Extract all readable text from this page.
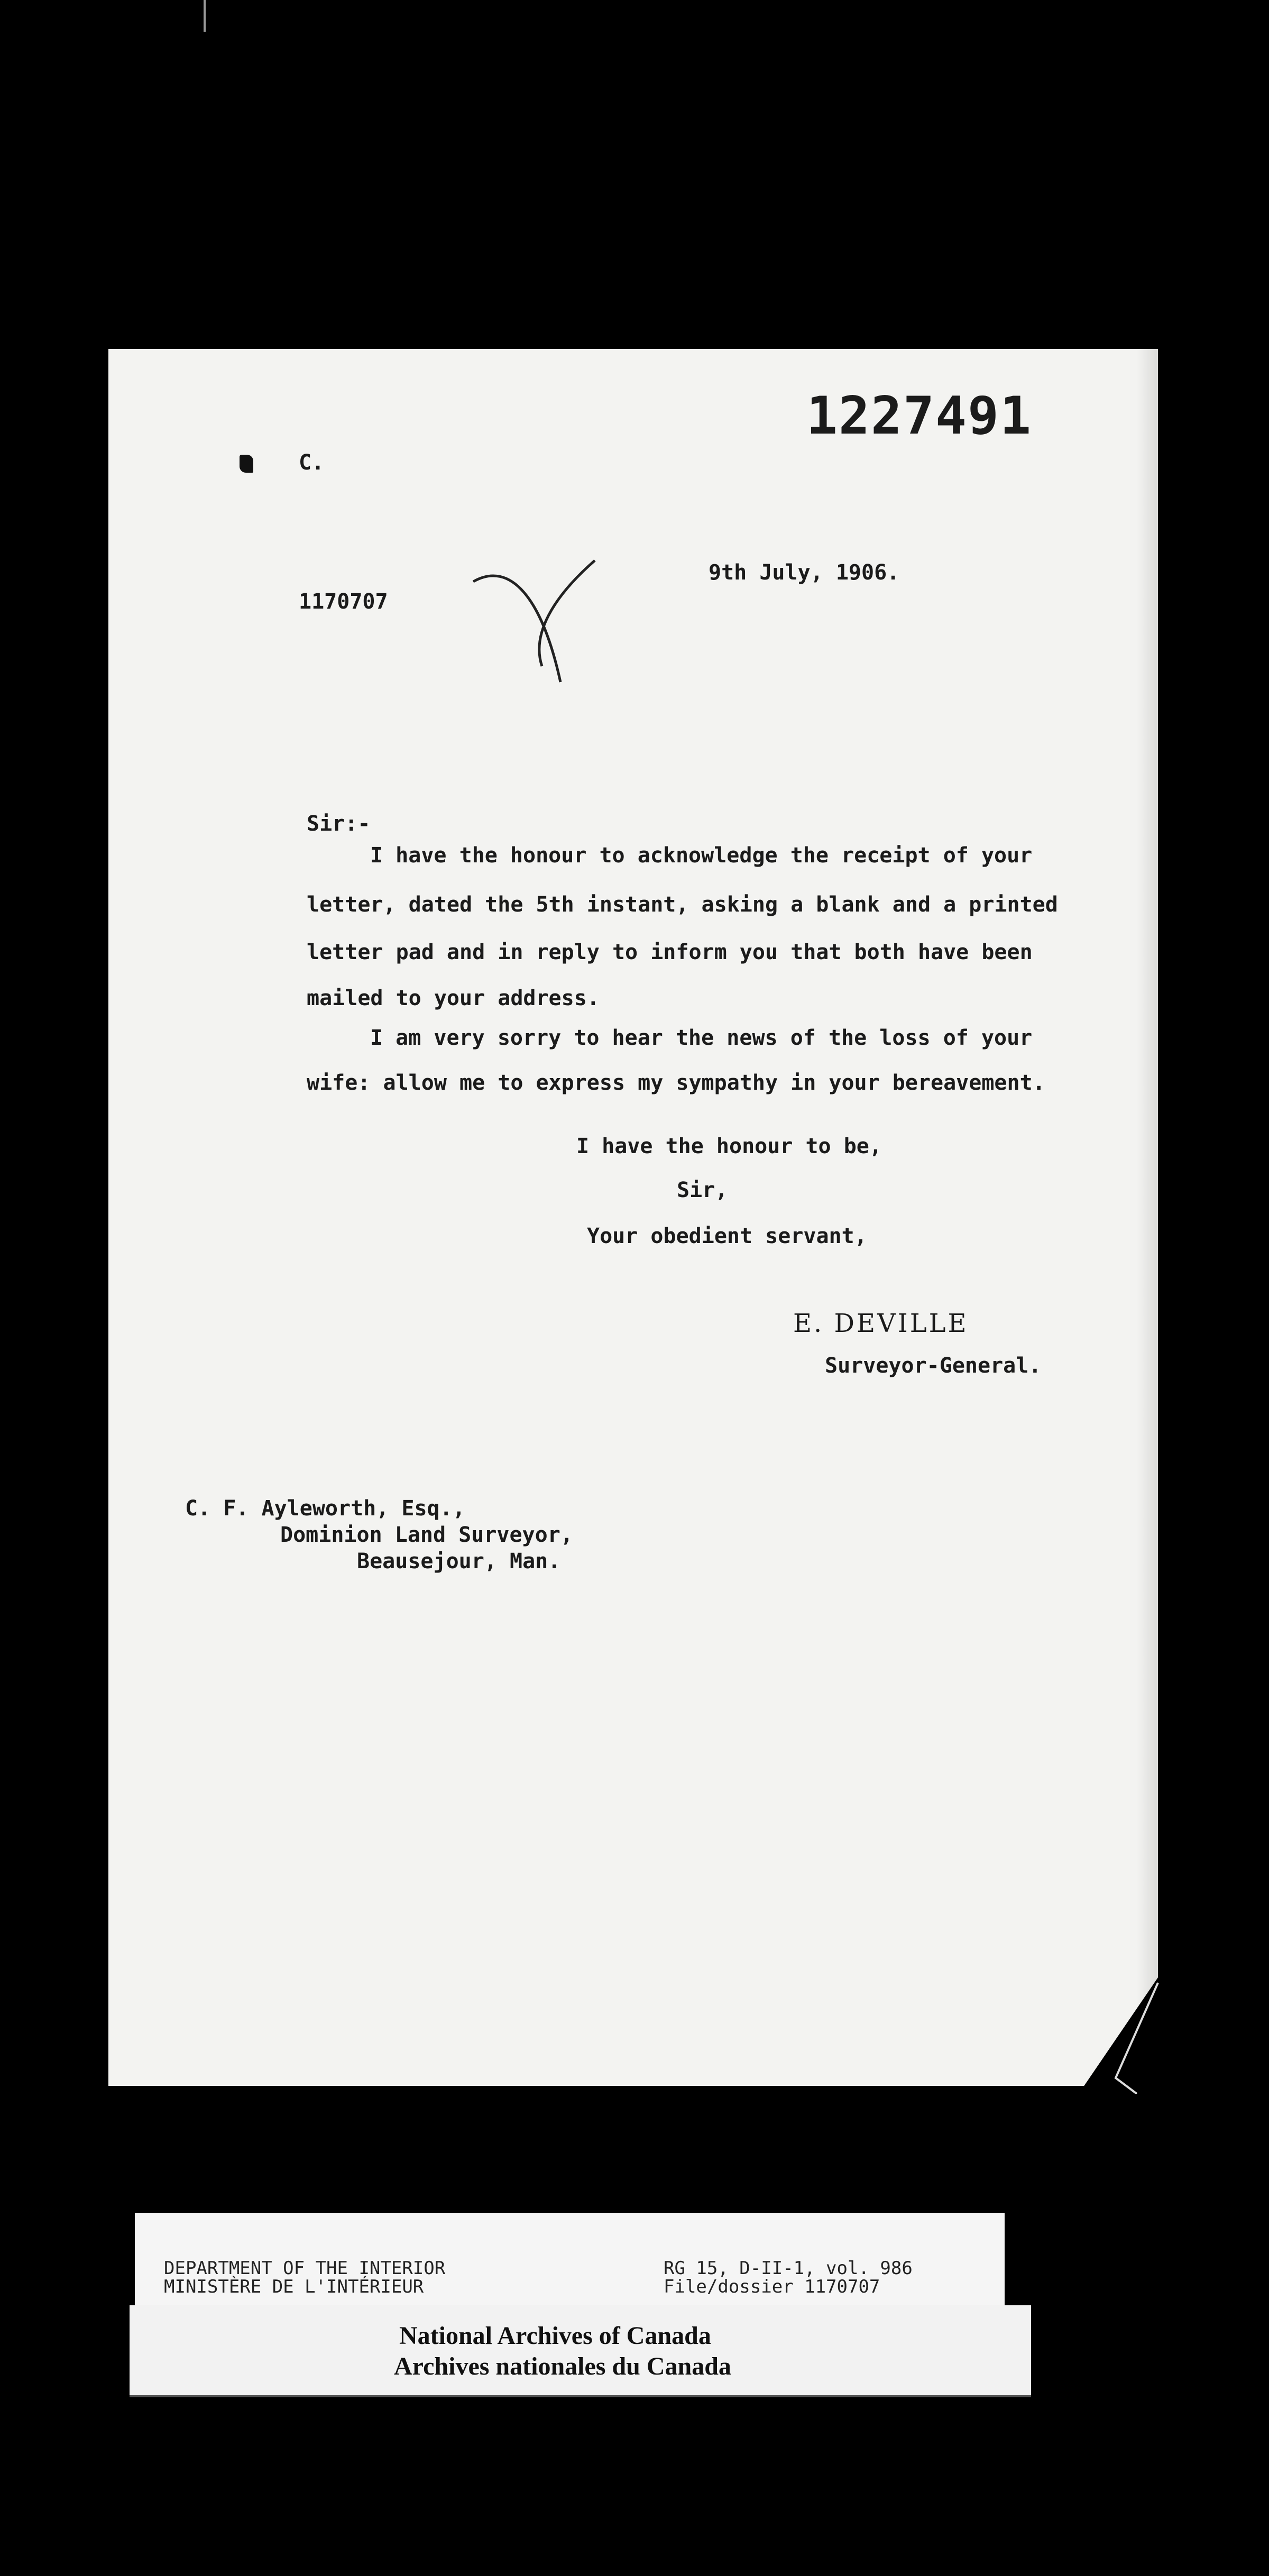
1227491
C.
1170707
9th July, 1906.
Sir:-
I have the honour to acknowledge the receipt of your
letter, dated the 5th instant, asking a blank and a printed
letter pad and in reply to inform you that both have been
mailed to your address.
I am very sorry to hear the news of the loss of your
wife: allow me to express my sympathy in your bereavement.
I have the honour to be,
Sir,
Your obedient servant,
E. DEVILLE
Surveyor-General.
C. F. Ayleworth, Esq.,
Dominion Land Surveyor,
Beausejour, Man.
DEPARTMENT OF THE INTERIOR
MINISTÈRE DE L'INTÉRIEUR
RG 15, D-II-1, vol. 986
File/dossier 1170707
National Archives of Canada
Archives nationales du Canada
